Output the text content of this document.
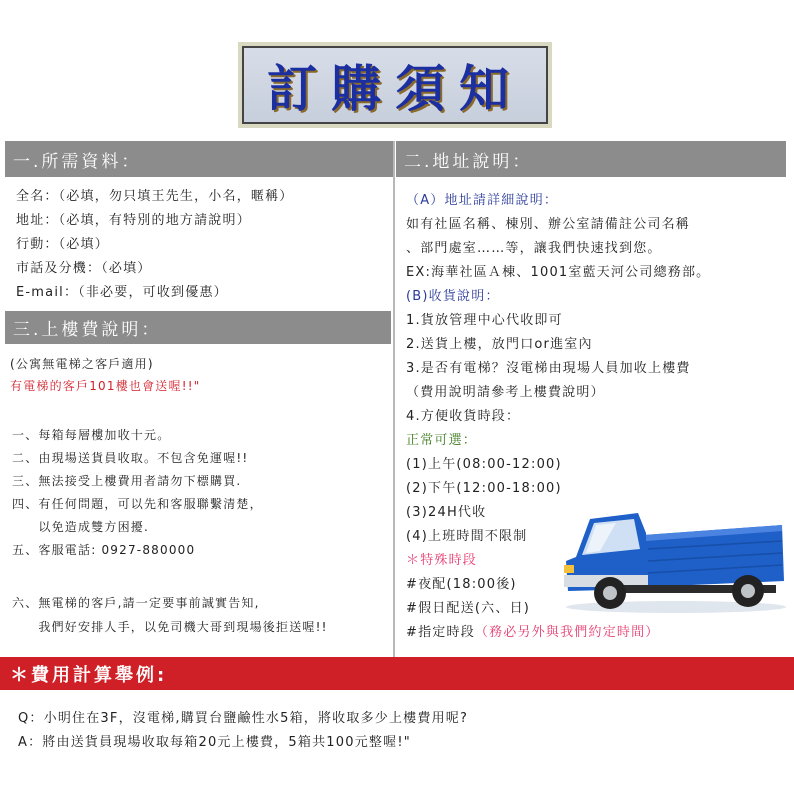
訂購須知
一.所需資料：	二.地址說明：
全名：（必填，勿只填王先生，小名，暱稱）
地址：（必填，有特別的地方請說明）
行動：（必填）
市話及分機：（必填）
E-mail：（非必要，可收到優惠）
三.上樓費說明：
(公寓無電梯之客戶適用)
有電梯的客戶101樓也會送喔!!"
一、每箱每層樓加收十元。
二、由現場送貨員收取。不包含免運喔!!
三、無法接受上樓費用者請勿下標購買.
四、有任何問題，可以先和客服聯繫清楚，
　　以免造成雙方困擾.
五、客服電話: 0927-880000
六、無電梯的客戶,請一定要事前誠實告知,
　　我們好安排人手，以免司機大哥到現場後拒送喔!!
（A）地址請詳細說明：
如有社區名稱、棟別、辦公室請備註公司名稱
、部門處室……等，讓我們快速找到您。
EX:海華社區Ａ棟、1001室藍天河公司總務部。
(B)收貨說明：
1.貨放管理中心代收即可
2.送貨上樓，放門口or進室內
3.是否有電梯？沒電梯由現場人員加收上樓費
（費用說明請參考上樓費說明）
4.方便收貨時段：
正常可選：
(1)上午(08:00-12:00)
(2)下午(12:00-18:00)
(3)24H代收
(4)上班時間不限制
＊特殊時段
#夜配(18:00後)
#假日配送(六、日)
#指定時段（務必另外與我們約定時間）
＊費用計算舉例:
Q：小明住在3F，沒電梯,購買台鹽鹼性水5箱，將收取多少上樓費用呢?
A：將由送貨員現場收取每箱20元上樓費，5箱共100元整喔!"
